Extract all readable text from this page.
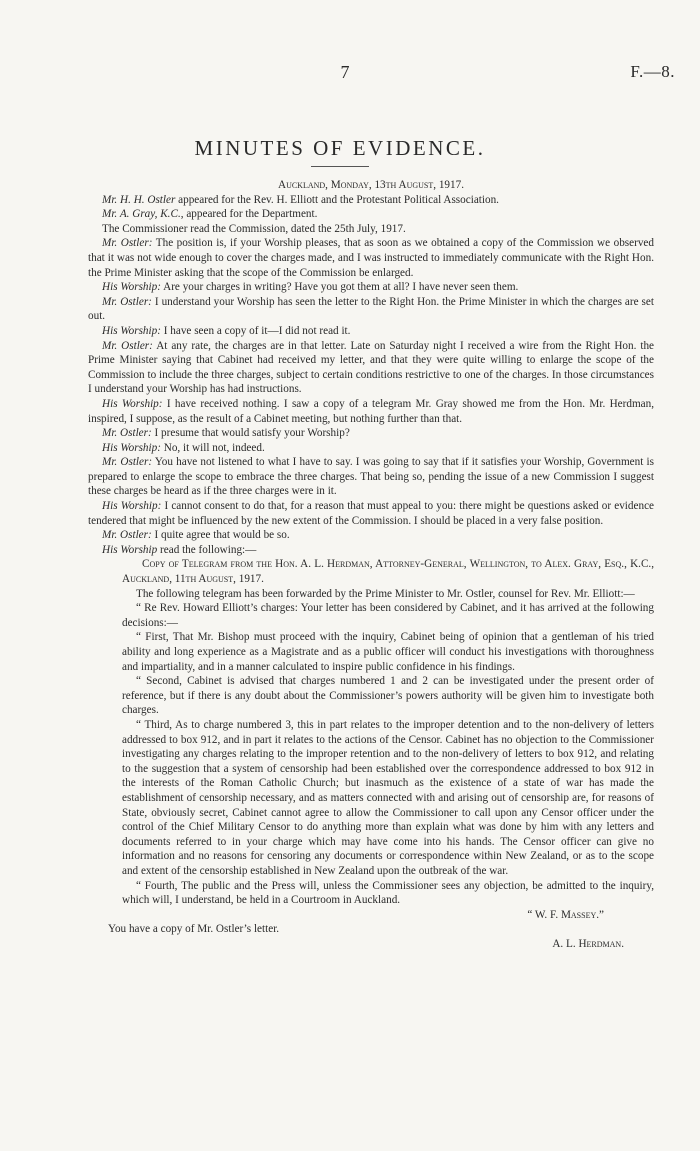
7	F.—8.
MINUTES OF EVIDENCE.

Auckland, Monday, 13th August, 1917.

Mr. H. H. Ostler appeared for the Rev. H. Elliott and the Protestant Political Association.

Mr. A. Gray, K.C., appeared for the Department.

The Commissioner read the Commission, dated the 25th July, 1917.

Mr. Ostler: The position is, if your Worship pleases, that as soon as we obtained a copy of the Commission we observed that it was not wide enough to cover the charges made, and I was instructed to immediately communicate with the Right Hon. the Prime Minister asking that the scope of the Commission be enlarged.

His Worship: Are your charges in writing? Have you got them at all? I have never seen them.

Mr. Ostler: I understand your Worship has seen the letter to the Right Hon. the Prime Minister in which the charges are set out.

His Worship: I have seen a copy of it—I did not read it.

Mr. Ostler: At any rate, the charges are in that letter. Late on Saturday night I received a wire from the Right Hon. the Prime Minister saying that Cabinet had received my letter, and that they were quite willing to enlarge the scope of the Commission to include the three charges, subject to certain conditions restrictive to one of the charges. In those circumstances I understand your Worship has had instructions.

His Worship: I have received nothing. I saw a copy of a telegram Mr. Gray showed me from the Hon. Mr. Herdman, inspired, I suppose, as the result of a Cabinet meeting, but nothing further than that.

Mr. Ostler: I presume that would satisfy your Worship?

His Worship: No, it will not, indeed.

Mr. Ostler: You have not listened to what I have to say. I was going to say that if it satisfies your Worship, Government is prepared to enlarge the scope to embrace the three charges. That being so, pending the issue of a new Commission I suggest these charges be heard as if the three charges were in it.

His Worship: I cannot consent to do that, for a reason that must appeal to you: there might be questions asked or evidence tendered that might be influenced by the new extent of the Commission. I should be placed in a very false position.

Mr. Ostler: I quite agree that would be so.

His Worship read the following:—

Copy of Telegram from the Hon. A. L. Herdman, Attorney-General, Wellington, to Alex. Gray, Esq., K.C., Auckland, 11th August, 1917.

The following telegram has been forwarded by the Prime Minister to Mr. Ostler, counsel for Rev. Mr. Elliott:—

“ Re Rev. Howard Elliott’s charges: Your letter has been considered by Cabinet, and it has arrived at the following decisions:—

“ First, That Mr. Bishop must proceed with the inquiry, Cabinet being of opinion that a gentleman of his tried ability and long experience as a Magistrate and as a public officer will conduct his investigations with thoroughness and impartiality, and in a manner calculated to inspire public confidence in his findings.

“ Second, Cabinet is advised that charges numbered 1 and 2 can be investigated under the present order of reference, but if there is any doubt about the Commissioner’s powers authority will be given him to investigate both charges.

“ Third, As to charge numbered 3, this in part relates to the improper detention and to the non-delivery of letters addressed to box 912, and in part it relates to the actions of the Censor. Cabinet has no objection to the Commissioner investigating any charges relating to the improper retention and to the non-delivery of letters to box 912, and relating to the suggestion that a system of censorship had been established over the correspondence addressed to box 912 in the interests of the Roman Catholic Church; but inasmuch as the existence of a state of war has made the establishment of censorship necessary, and as matters connected with and arising out of censorship are, for reasons of State, obviously secret, Cabinet cannot agree to allow the Commissioner to call upon any Censor officer under the control of the Chief Military Censor to do anything more than explain what was done by him with any letters and documents referred to in your charge which may have come into his hands. The Censor officer can give no information and no reasons for censoring any documents or correspondence within New Zealand, or as to the scope and extent of the censorship established in New Zealand upon the outbreak of the war.

“ Fourth, The public and the Press will, unless the Commissioner sees any objection, be admitted to the inquiry, which will, I understand, be held in a Courtroom in Auckland.

“ W. F. Massey.”

You have a copy of Mr. Ostler’s letter.

A. L. Herdman.
